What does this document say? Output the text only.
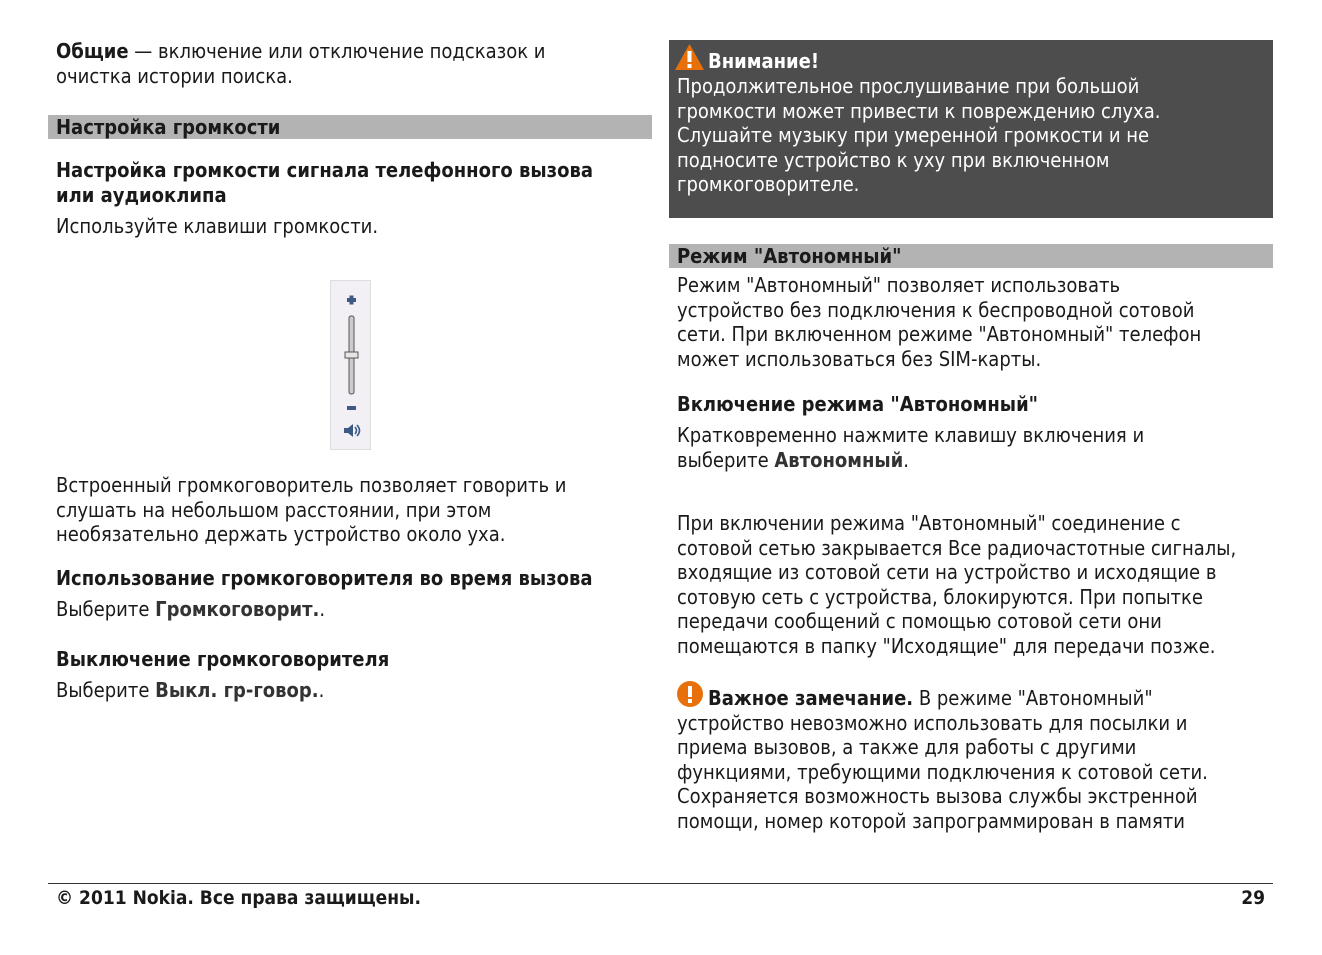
Общие — включение или отключение подсказок и
очистка истории поиска.
Настройка громкости
Настройка громкости сигнала телефонного вызова
или аудиоклипа
Используйте клавиши громкости.
Встроенный громкоговоритель позволяет говорить и
слушать на небольшом расстоянии, при этом
необязательно держать устройство около уха.
Использование громкоговорителя во время вызова
Выберите Громкоговорит..
Выключение громкоговорителя
Выберите Выкл. гр-говор..
Внимание!
Продолжительное прослушивание при большой
громкости может привести к повреждению слуха.
Слушайте музыку при умеренной громкости и не
подносите устройство к уху при включенном
громкоговорителе.
Режим "Автономный"
Режим "Автономный" позволяет использовать
устройство без подключения к беспроводной сотовой
сети. При включенном режиме "Автономный" телефон
может использоваться без SIM-карты.
Включение режима "Автономный"
Кратковременно нажмите клавишу включения и
выберите Автономный.
При включении режима "Автономный" соединение с
сотовой сетью закрывается Все радиочастотные сигналы,
входящие из сотовой сети на устройство и исходящие в
сотовую сеть с устройства, блокируются. При попытке
передачи сообщений с помощью сотовой сети они
помещаются в папку "Исходящие" для передачи позже.
Важное замечание. В режиме "Автономный"
устройство невозможно использовать для посылки и
приема вызовов, а также для работы с другими
функциями, требующими подключения к сотовой сети.
Сохраняется возможность вызова службы экстренной
помощи, номер которой запрограммирован в памяти
© 2011 Nokia. Все права защищены.	29
